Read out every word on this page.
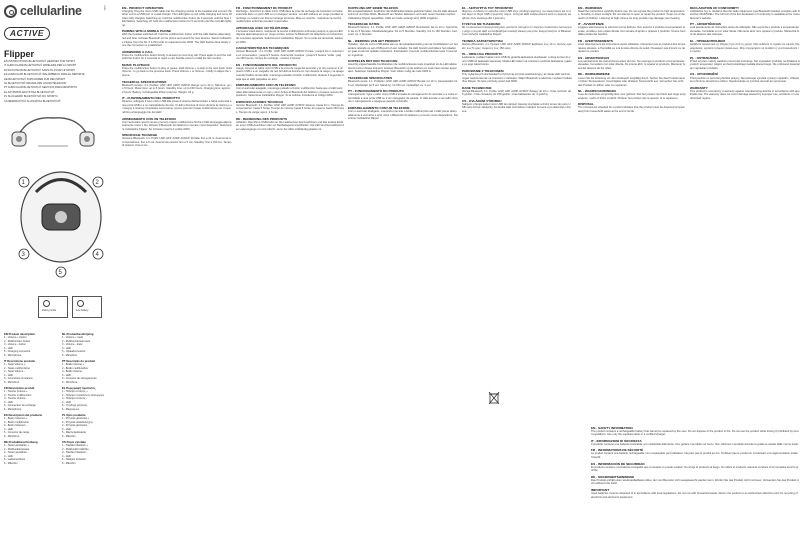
cellularline	code
ACTIVE
Flipper
EN INSTRUCTIONS BLUETOOTH® HEADSET FOR SPORT
IT AURICOLARE BLUETOOTH® WIRELESS PER LO SPORT
FR ÉCOUTEUR BLUETOOTH® SANS FIL POUR LE SPORT
ES AURICULAR BLUETOOTH® INALÁMBRICO PARA EL DEPORTE
DE BLUETOOTH® KOPFHÖRER FÜR DEN SPORT
NL BLUETOOTH® DRAADLOZE HOOFDTELEFOON
PT AURICULAR BLUETOOTH® SEM FIOS PARA DESPORTO
EL ΑΣΥΡΜΑΤΑ ΑΚΟΥΣΤΙΚΑ BLUETOOTH®
PL SŁUCHAWKI BLUETOOTH® DO SPORTU
CS BEZDRÁTOVÁ SLUCHÁTKA BLUETOOTH®
1	2
3	4
5
Pairing mode	Low battery
EN Product description
1 - Volume + button
2 - Multifunction button
3 - Volume - button
4 - LED
5 - Charging connector
6 - Microphone
IT Descrizione prodotto
1 - Tasto Volume +
2 - Tasto multifunzione
3 - Tasto Volume -
4 - LED
5 - Connettore di ricarica
6 - Microfono
FR Description produit
1 - Touche Volume +
2 - Touche multifonction
3 - Touche Volume -
4 - LED
5 - Connecteur de recharge
6 - Microphone
ES Descripción del producto
1 - Botón Volumen +
2 - Botón multifunción
3 - Botón Volumen -
4 - LED
5 - Conector de carga
6 - Micrófono
DE Produktbeschreibung
1 - Taste Lautstärke +
2 - Multifunktionstaste
3 - Taste Lautstärke -
4 - LED
5 - Ladeanschluss
6 - Mikrofon
NL Productbeschrijving
1 - Volume + toets
2 - Multifunctionele toets
3 - Volume - toets
4 - LED
5 - Oplaadconnector
6 - Microfoon
PT Descrição do produto
1 - Botão Volume +
2 - Botão multifunções
3 - Botão Volume -
4 - LED
5 - Conector de carregamento
6 - Microfone
EL Περιγραφή προϊόντος
1 - Πλήκτρο έντασης +
2 - Πλήκτρο πολλαπλών λειτουργιών
3 - Πλήκτρο έντασης -
4 - LED
5 - Υποδοχή φόρτισης
6 - Μικρόφωνο
PL Opis produktu
1 - Przycisk głośności +
2 - Przycisk wielofunkcyjny
3 - Przycisk głośności -
4 - LED
5 - Złącze ładowania
6 - Mikrofon
CS Popis výrobku
1 - Tlačítko hlasitosti +
2 - Multifunkční tlačítko
3 - Tlačítko hlasitosti -
4 - LED
5 - Nabíjecí konektor
6 - Mikrofon
EN - PRODUCT OPERATION

Charging: Plug the micro USB cable into the charging socket of the headset and connect the other end to a USB port or a wall charger. The LED lights up red while charging and turns off when fully charged. Switching on: hold the multifunction button for 3 seconds until the blue LED flashes. Switching off: hold the multifunction button for 5 seconds until the red LED lights up.

PAIRING WITH A MOBILE PHONE

With the headset switched off, hold the multifunction button until the LED flashes alternately red and blue. Activate Bluetooth on the phone and search for new devices. Select Cellularline Flipper from the list. If a PIN code is requested enter 0000. The LED flashes blue slowly once the connection is established.

ANSWERING A CALL

Press the multifunction button briefly to answer an incoming call. Press again to end the call. Hold the button for 2 seconds to reject a call. Double press to redial the last number.

MUSIC PLAYBACK

Press the multifunction button to play or pause. Hold Volume + to skip to the next track. Hold Volume - to go back to the previous track. Press Volume + or Volume - briefly to adjust the volume.

TECHNICAL SPECIFICATIONS

Bluetooth version: 4.1. Profiles: HSP, HFP, A2DP, AVRCP. Range: up to 10 m. Talk time: up to 5 hours. Music time: up to 5 hours. Standby time: up to 150 hours. Charging time: approx. 2 hours. Battery: rechargeable lithium polymer. Weight: 18 g.

IT - FUNZIONAMENTO DEL PRODOTTO

Ricarica: collegare il cavo micro USB alla presa di ricarica dell'auricolare e l'altra estremità a una porta USB o a un caricabatterie da rete. Il LED si illumina di rosso durante la ricarica e si spegne a ricarica completata. Accensione: tenere premuto il tasto multifunzione per 3 secondi fino al lampeggio blu del LED.

ABBINAMENTO CON UN TELEFONO

Con l'auricolare spento tenere premuto il tasto multifunzione finché il LED lampeggia alternativamente rosso e blu. Attivare il Bluetooth del telefono e cercare nuovi dispositivi. Selezionare Cellularline Flipper. Se richiesto inserire il codice 0000.

SPECIFICHE TECNICHE

Versione Bluetooth: 4.1. Profili: HSP, HFP, A2DP, AVRCP. Portata: fino a 10 m. Autonomia in conversazione: fino a 5 ore. Autonomia musica: fino a 5 ore. Standby: fino a 150 ore. Tempo di ricarica: circa 2 ore.

FR - FONCTIONNEMENT DU PRODUIT

Recharge : branchez le câble micro USB dans la prise de recharge de l'écouteur et l'autre extrémité dans un port USB ou un chargeur secteur. La LED s'allume en rouge pendant la recharge et s'éteint une fois la recharge terminée. Mise en marche : maintenez la touche multifonction enfoncée pendant 3 secondes.

APPAIRAGE AVEC UN TÉLÉPHONE

L'écouteur étant éteint, maintenez la touche multifonction enfoncée jusqu'à ce que la LED clignote alternativement en rouge et bleu. Activez le Bluetooth du téléphone et recherchez de nouveaux appareils. Sélectionnez Cellularline Flipper. Si un code est demandé, saisissez 0000.

CARACTÉRISTIQUES TECHNIQUES

Version Bluetooth : 4.1. Profils : HSP, HFP, A2DP, AVRCP. Portée : jusqu'à 10 m. Autonomie en conversation : jusqu'à 5 heures. Autonomie musique : jusqu'à 5 heures. Veille : jusqu'à 150 heures. Temps de recharge : environ 2 heures.

ES - FUNCIONAMIENTO DEL PRODUCTO

Carga: conecte el cable micro USB a la toma de carga del auricular y el otro extremo a un puerto USB o a un cargador de red. El LED se ilumina en rojo durante la carga y se apaga cuando finaliza. Encendido: mantenga pulsado el botón multifunción durante 3 segundos hasta que el LED parpadee en azul.

EMPAREJAMIENTO CON UN TELÉFONO

Con el auricular apagado, mantenga pulsado el botón multifunción hasta que el LED parpadee alternativamente en rojo y azul. Active el Bluetooth del teléfono y busque nuevos dispositivos. Seleccione Cellularline Flipper. Si se solicita, introduzca el código 0000.

ESPECIFICACIONES TÉCNICAS

Versión Bluetooth: 4.1. Perfiles: HSP, HFP, A2DP, AVRCP. Alcance: hasta 10 m. Tiempo de conversación: hasta 5 horas. Tiempo de música: hasta 5 horas. En espera: hasta 150 horas. Tiempo de carga: aprox. 2 horas.

DE - BEDIENUNG DES PRODUKTS

Aufladen: Das Micro-USB-Kabel an die Ladebuchse des Kopfhörers und das andere Ende an einen USB-Anschluss oder ein Netzladegerät anschließen. Die LED leuchtet während des Ladevorgangs rot und erlischt, wenn der Akku vollständig geladen ist.

KOPPLUNG MIT EINEM TELEFON

Bei ausgeschaltetem Kopfhörer die Multifunktionstaste gedrückt halten, bis die LED abwechselnd rot und blau blinkt. Bluetooth am Telefon aktivieren und nach neuen Geräten suchen. Cellularline Flipper auswählen. Falls ein Code verlangt wird, 0000 eingeben.

TECHNISCHE DATEN

Bluetooth-Version: 4.1. Profile: HSP, HFP, A2DP, AVRCP. Reichweite: bis zu 10 m. Sprechzeit: bis zu 5 Stunden. Musikwiedergabe: bis zu 5 Stunden. Standby: bis zu 150 Stunden. Ladezeit: ca. 2 Stunden.

NL - WERKING VAN HET PRODUCT

Opladen: sluit de micro-USB-kabel aan op de oplaadaansluiting van de hoofdtelefoon en het andere uiteinde op een USB-poort of een netlader. De LED brandt rood tijdens het opladen en gaat uit als het opladen voltooid is. Inschakelen: houd de multifunctionele toets 3 seconden ingedrukt.

KOPPELEN MET EEN TELEFOON

Houd bij uitgeschakelde hoofdtelefoon de multifunctionele toets ingedrukt tot de LED afwisselend rood en blauw knippert. Activeer Bluetooth op de telefoon en zoek naar nieuwe apparaten. Selecteer Cellularline Flipper. Voer indien nodig de code 0000 in.

TECHNISCHE SPECIFICATIES

Bluetooth-versie: 4.1. Profielen: HSP, HFP, A2DP, AVRCP. Bereik: tot 10 m. Gesprekstijd: tot 5 uur. Muziektijd: tot 5 uur. Stand-by: tot 150 uur. Oplaadtijd: ca. 2 uur.

PT - FUNCIONAMENTO DO PRODUTO

Carregamento: ligue o cabo micro USB à tomada de carregamento do auricular e a outra extremidade a uma porta USB ou a um carregador de parede. O LED acende a vermelho durante o carregamento e apaga-se quando concluído.

EMPARELHAMENTO COM UM TELEFONE

Com o auricular desligado, mantenha premido o botão multifunções até o LED piscar alternadamente a vermelho e azul. Ative o Bluetooth do telefone e procure novos dispositivos. Selecione Cellularline Flipper.

EL - ΛΕΙΤΟΥΡΓΙΑ ΤΟΥ ΠΡΟΪΟΝΤΟΣ

Φόρτιση: συνδέστε το καλώδιο micro USB στην υποδοχή φόρτισης των ακουστικών και το άλλο άκρο σε θύρα USB ή φορτιστή τοίχου. Η λυχνία LED ανάβει κόκκινη κατά τη φόρτιση και σβήνει όταν ολοκληρωθεί η φόρτιση.

ΣΥΖΕΥΞΗ ΜΕ ΤΗΛΕΦΩΝΟ

Με τα ακουστικά απενεργοποιημένα, κρατήστε πατημένο το πλήκτρο πολλαπλών λειτουργιών μέχρι η λυχνία LED να αναβοσβήνει εναλλάξ κόκκινη και μπλε. Ενεργοποιήστε το Bluetooth και επιλέξτε Cellularline Flipper.

ΤΕΧΝΙΚΑ ΧΑΡΑΚΤΗΡΙΣΤΙΚΑ

Έκδοση Bluetooth: 4.1. Προφίλ: HSP, HFP, A2DP, AVRCP. Εμβέλεια: έως 10 m. Χρόνος ομιλίας: έως 5 ώρες. Αναμονή: έως 150 ώρες.

PL - OBSŁUGA PRODUKTU

Ładowanie: podłącz kabel micro USB do gniazda ładowania słuchawek, a drugi koniec do portu USB lub ładowarki sieciowej. Dioda LED świeci na czerwono podczas ładowania i gaśnie po jego zakończeniu.

PAROWANIE Z TELEFONEM

Przy wyłączonych słuchawkach przytrzymaj przycisk wielofunkcyjny, aż dioda LED zacznie migać naprzemiennie na czerwono i niebiesko. Włącz Bluetooth w telefonie i wybierz Cellularline Flipper. W razie potrzeby wpisz kod 0000.

DANE TECHNICZNE

Wersja Bluetooth: 4.1. Profile: HSP, HFP, A2DP, AVRCP. Zasięg: do 10 m. Czas rozmów: do 5 godzin. Czas czuwania: do 150 godzin. Czas ładowania: ok. 2 godziny.

CS - OVLÁDÁNÍ VÝROBKU

Nabíjení: připojte kabel micro USB do nabíjecí zásuvky sluchátek a druhý konec do portu USB nebo síťové nabíječky. Kontrolka LED svítí během nabíjení červeně a po dokončení zhasne.

EN - WARNINGS

Read the instructions carefully before use. Do not expose the product to high temperatures, humidity or direct sunlight. Do not attempt to open or repair the product. Keep out of the reach of children. Listening at high volume for long periods may damage your hearing.

IT - AVVERTENZE

Leggere attentamente le istruzioni prima dell'uso. Non esporre il prodotto a temperature elevate, umidità o luce solare diretta. Non tentare di aprire o riparare il prodotto. Tenere fuori dalla portata dei bambini.

FR - AVERTISSEMENTS

Lisez attentivement les instructions avant utilisation. N'exposez pas le produit à des températures élevées, à l'humidité ou à la lumière directe du soleil. N'essayez pas d'ouvrir ou de réparer le produit.

ES - ADVERTENCIAS

Lea atentamente las instrucciones antes del uso. No exponga el producto a temperaturas elevadas, humedad o luz solar directa. No intente abrir ni reparar el producto. Mantener fuera del alcance de los niños.

DE - WARNHINWEISE

Lesen Sie die Anleitung vor dem Gebrauch sorgfältig durch. Setzen Sie das Produkt keinen hohen Temperaturen, Feuchtigkeit oder direktem Sonnenlicht aus. Versuchen Sie nicht, das Produkt zu öffnen oder zu reparieren.

NL - WAARSCHUWINGEN

Lees de instructies zorgvuldig door voor gebruik. Stel het product niet bloot aan hoge temperaturen, vocht of direct zonlicht. Probeer het product niet te openen of te repareren.

DISPOSAL

The crossed-out wheeled bin symbol indicates that the product must be disposed of separately from household waste at the end of its life.

DECLARATION OF CONFORMITY

Cellularline S.p.A. declares that the radio equipment type Bluetooth headset complies with Directive 2014/53/EU. The full text of the EU declaration of conformity is available at the manufacturer's website.

PT - ADVERTÊNCIAS

Leia atentamente as instruções antes da utilização. Não exponha o produto a temperaturas elevadas, humidade ou luz solar direta. Não tente abrir nem reparar o produto. Mantenha fora do alcance das crianças.

EL - ΠΡΟΕΙΔΟΠΟΙΗΣΕΙΣ

Διαβάστε προσεκτικά τις οδηγίες πριν από τη χρήση. Μην εκθέτετε το προϊόν σε υψηλές θερμοκρασίες, υγρασία ή άμεσο ηλιακό φως. Μην επιχειρήσετε να ανοίξετε ή να επισκευάσετε το προϊόν.

PL - OSTRZEŻENIA

Przed użyciem należy uważnie przeczytać instrukcję. Nie wystawiać produktu na działanie wysokich temperatur, wilgoci ani bezpośredniego światła słonecznego. Nie próbować otwierać ani naprawiać produktu.

CS - UPOZORNĚNÍ

Před použitím si pozorně přečtěte pokyny. Nevystavujte výrobek vysokým teplotám, vlhkosti ani přímému slunečnímu záření. Nepokoušejte se výrobek otevírat ani opravovat.

WARRANTY

This product is covered by a warranty against manufacturing defects in accordance with applicable law. The warranty does not cover damage caused by improper use, accidents or unauthorized repairs.

EN - SAFETY INFORMATION

The product contains a rechargeable battery that cannot be replaced by the user. Do not dispose of the product in fire. Do not use the product while driving if prohibited by local regulations. Use only the supplied cable or a certified charger.

IT - INFORMAZIONI DI SICUREZZA

Il prodotto contiene una batteria ricaricabile non sostituibile dall'utente. Non gettare il prodotto nel fuoco. Non utilizzare il prodotto durante la guida se vietato dalle norme locali.

FR - INFORMATIONS DE SÉCURITÉ

Le produit contient une batterie rechargeable non remplaçable par l'utilisateur. Ne jetez pas le produit au feu. N'utilisez pas le produit en conduisant si la réglementation locale l'interdit.

ES - INFORMACIÓN DE SEGURIDAD

El producto contiene una batería recargable que el usuario no puede sustituir. No arroje el producto al fuego. No utilice el producto mientras conduce si la normativa local lo prohíbe.

DE - SICHERHEITSHINWEISE

Das Produkt enthält einen wiederaufladbaren Akku, der vom Benutzer nicht ausgetauscht werden kann. Werfen Sie das Produkt nicht ins Feuer. Verwenden Sie das Produkt nicht während der Fahrt.

IMPORTANT

Used batteries must be disposed of in accordance with local regulations. Do not mix with household waste. Return the product to an authorized collection point for recycling of electrical and electronic equipment.
